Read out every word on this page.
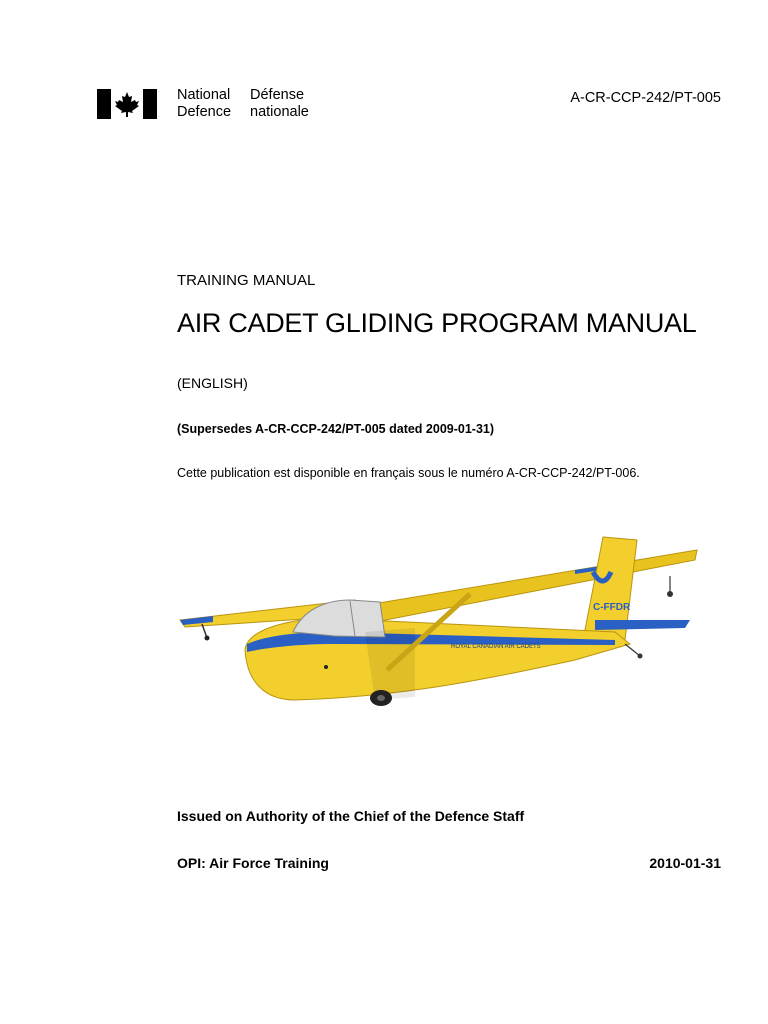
National
Defence
Défense
nationale
A-CR-CCP-242/PT-005
TRAINING MANUAL
AIR CADET GLIDING PROGRAM MANUAL
(ENGLISH)
(Supersedes A-CR-CCP-242/PT-005 dated 2009-01-31)
Cette publication est disponible en français sous le numéro A-CR-CCP-242/PT-006.
C-FFDR
ROYAL CANADIAN AIR CADETS
Issued on Authority of the Chief of the Defence Staff
OPI: Air Force Training	2010-01-31
